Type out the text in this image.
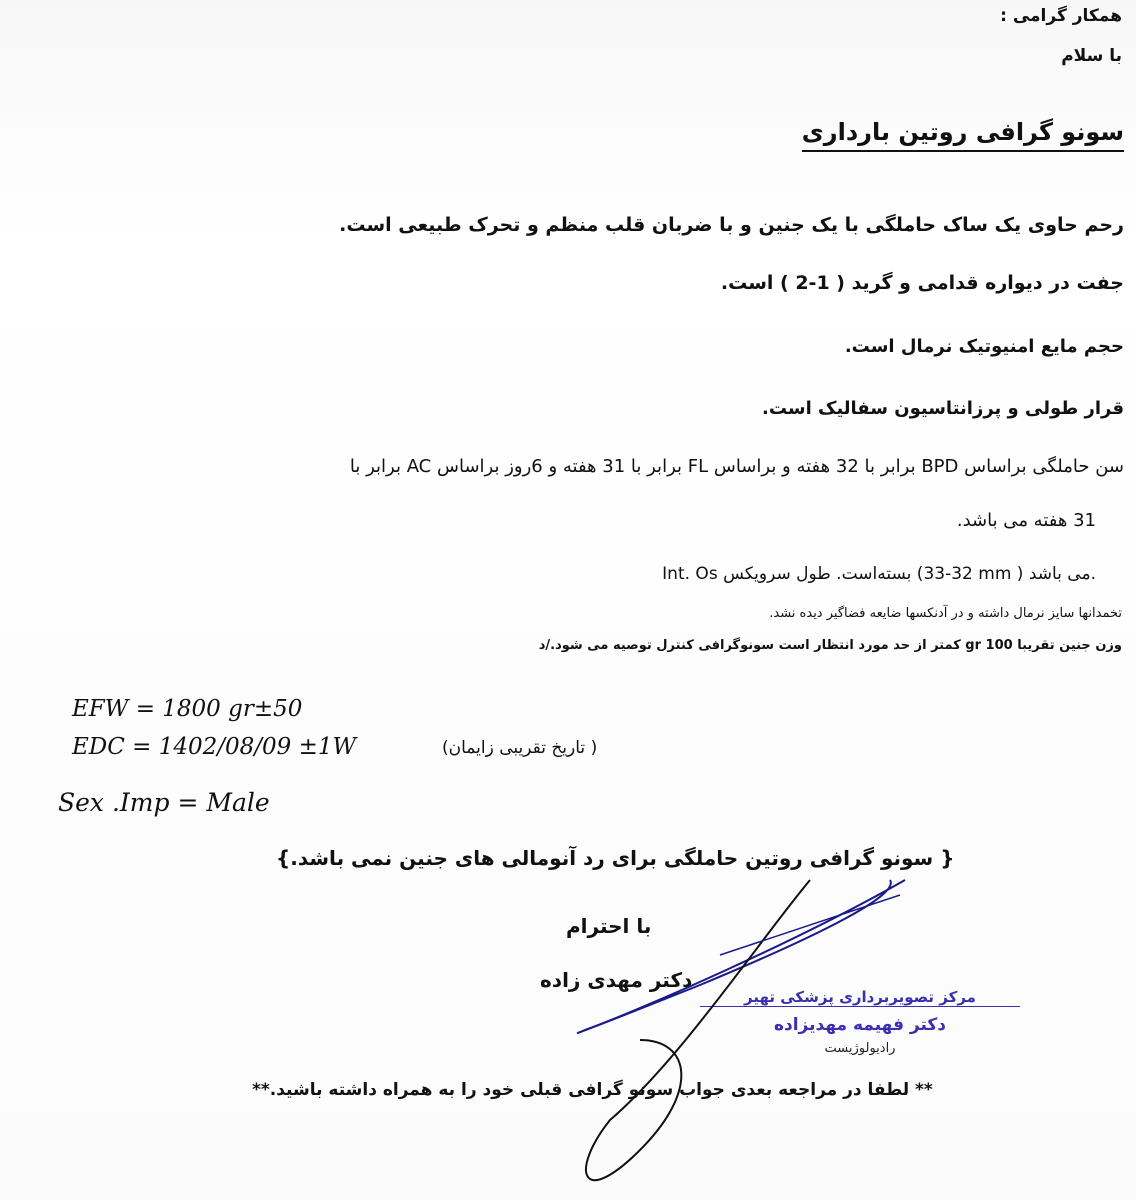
همکار گرامی :
با سلام
سونو گرافی روتین بارداری
رحم حاوی یک ساک حاملگی با یک جنین و با ضربان قلب منظم و تحرک طبیعی است.
جفت در دیواره قدامی و گرید ( 1-2 ) است.
حجم مایع امنیوتیک نرمال است.
قرار طولی و پرزانتاسیون سفالیک است.
سن حاملگی براساس BPD برابر با 32 هفته و براساس FL برابر با 31 هفته و 6روز براساس AC برابر با
31 هفته می باشد.
Int. Os بسته‌است. طول سرویکس (32-33 mm ) می باشد.
تخمدانها سایز نرمال داشته و در آدنکسها ضایعه فضاگیر دیده نشد.
وزن جنین تقریبا gr 100 کمتر از حد مورد انتظار است سونوگرافی کنترل توصیه می شود./د
EFW = 1800 gr±50
EDC = 1402/08/09 ±1W	( تاریخ تقریبی زایمان)
Sex .Imp = Male
{ سونو گرافی روتین حاملگی برای رد آنومالی های جنین نمی باشد.}
با احترام
دکتر مهدی زاده
مرکز تصویربرداری پزشکی تهیر
دکتر فهیمه مهدیزاده
رادیولوژیست
** لطفا در مراجعه بعدی جواب سونو گرافی قبلی خود را به همراه داشته باشید.**
